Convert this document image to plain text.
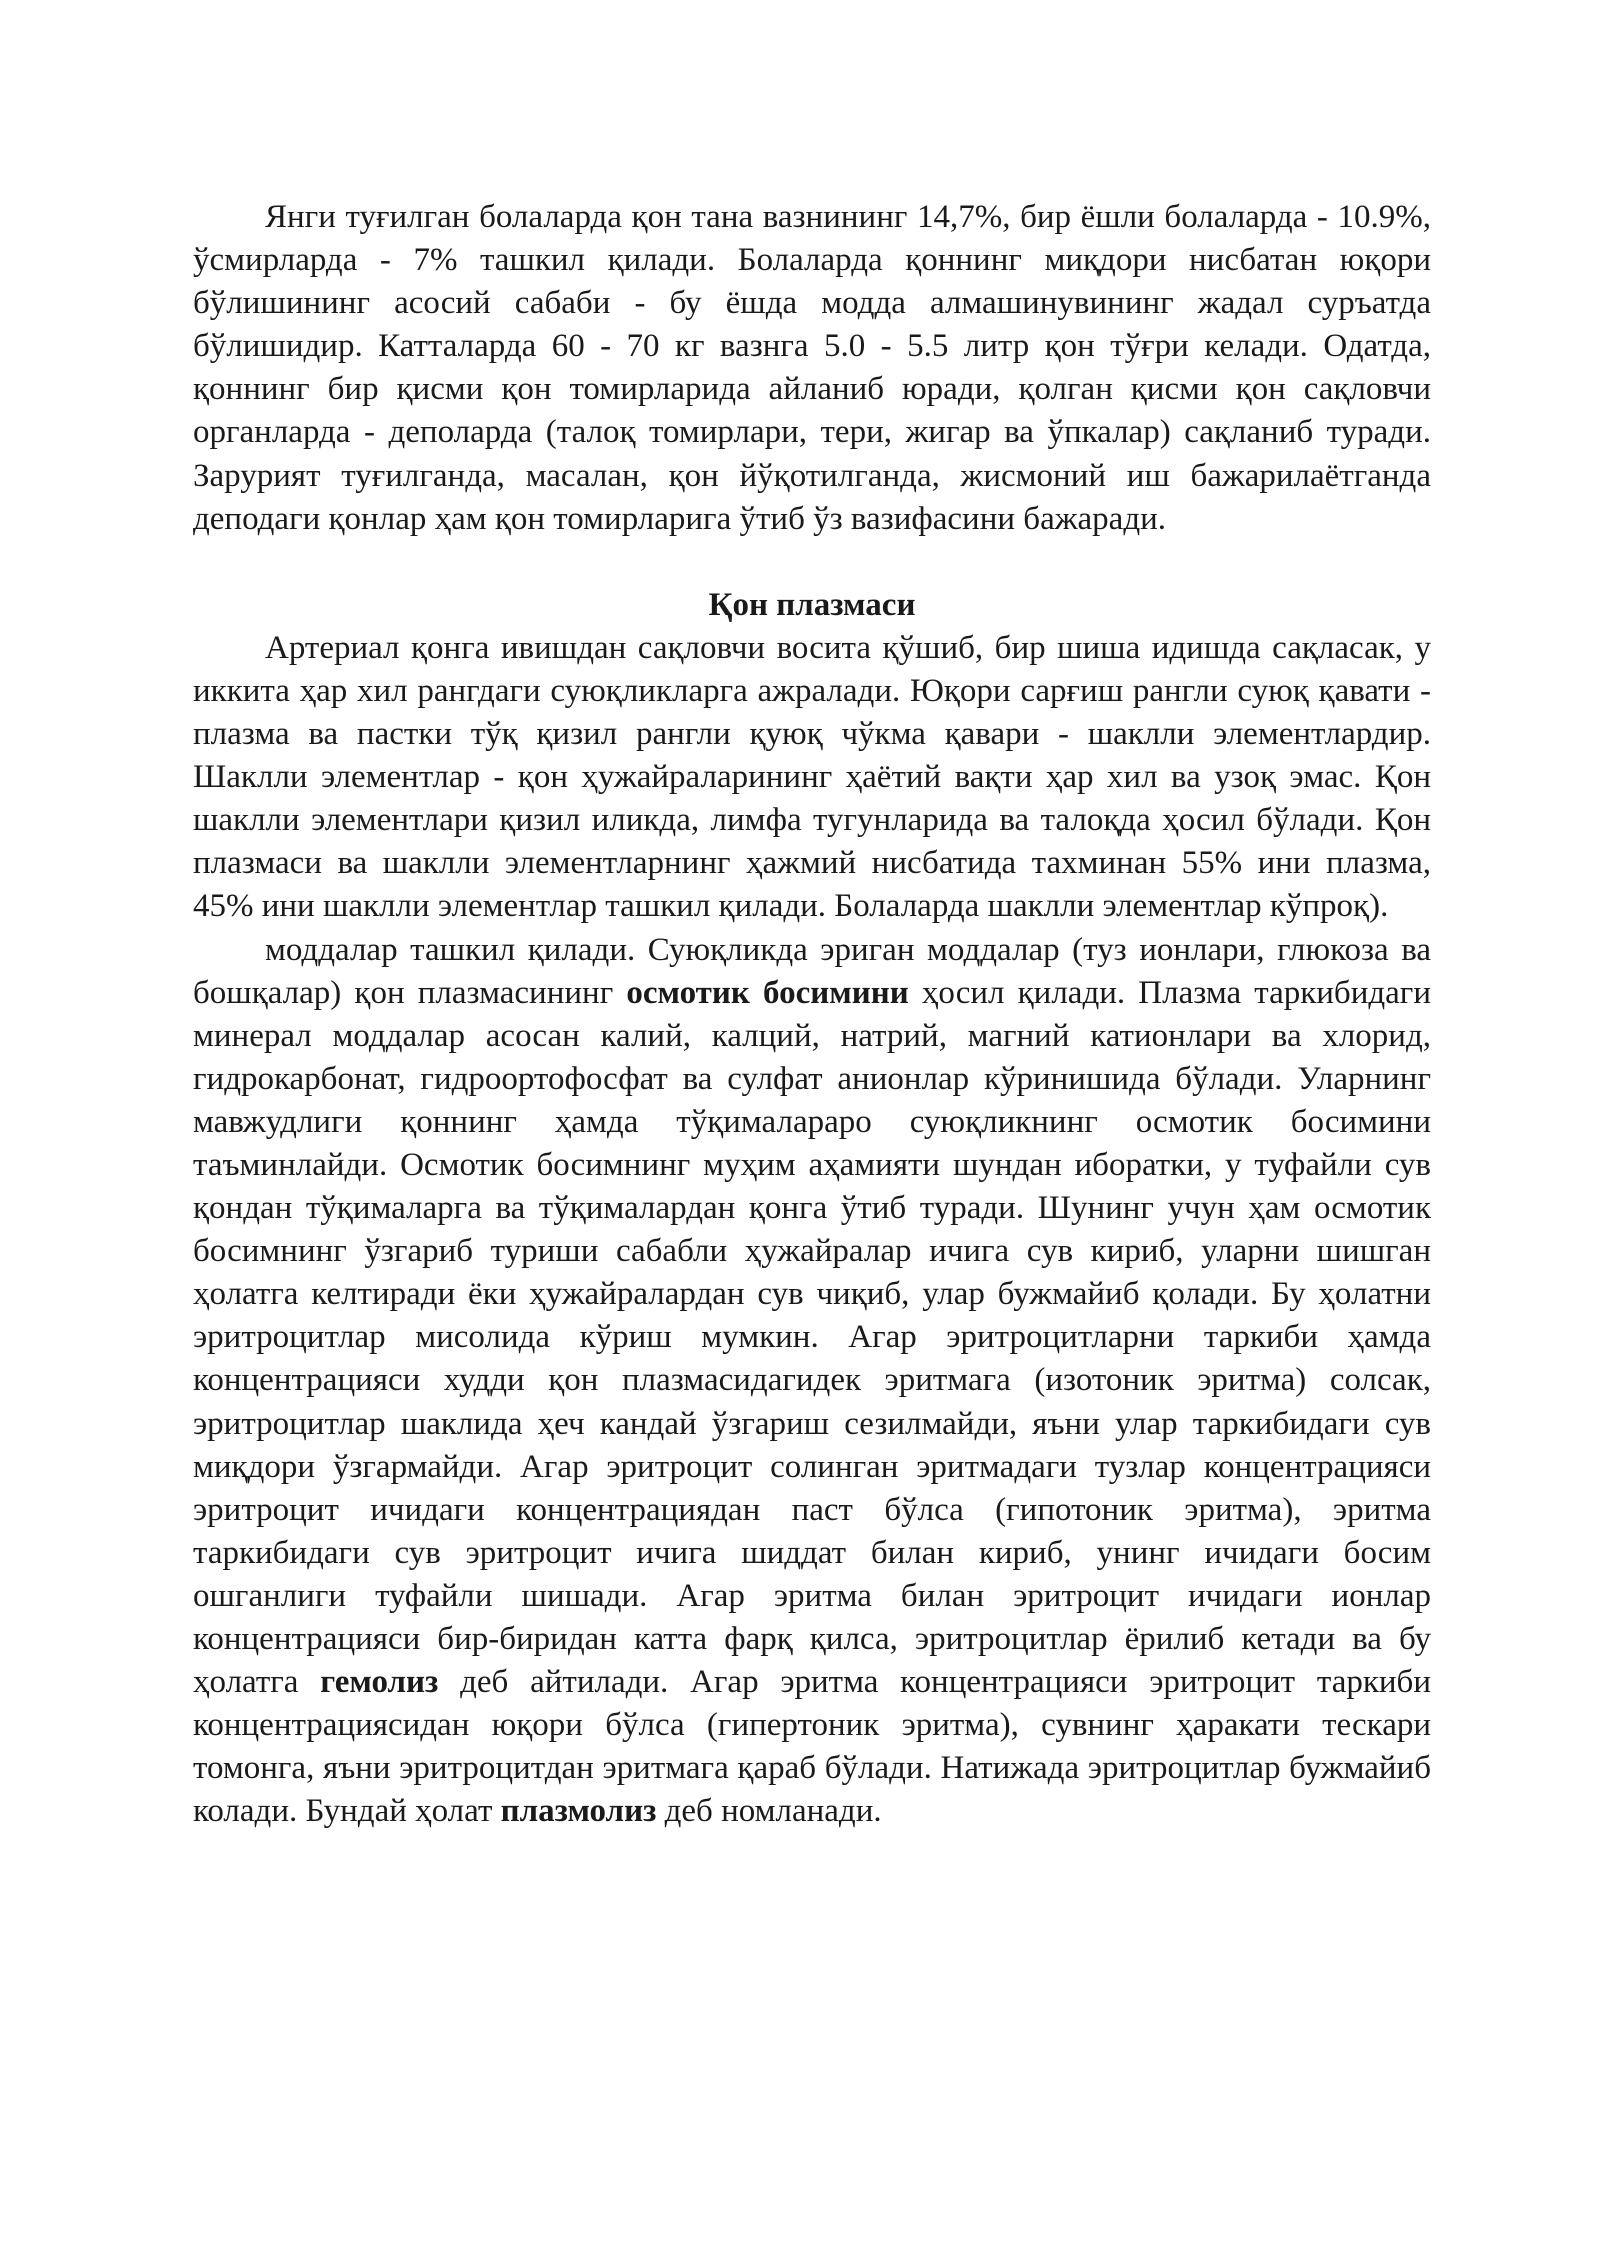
Янги туғилган болаларда қон тана вазнининг 14,7%, бир ёшли болаларда - 10.9%, ўсмирларда - 7% ташкил қилади. Болаларда қоннинг миқдори нисбатан юқори бўлишининг асосий сабаби - бу ёшда модда алмашинувининг жадал суръатда бўлишидир. Катталарда 60 - 70 кг вазнга 5.0 - 5.5 литр қон тўғри келади. Одатда, қоннинг бир қисми қон томирларида айланиб юради, қолган қисми қон сақловчи органларда - деполарда (талоқ томирлари, тери, жигар ва ўпкалар) сақланиб туради. Зарурият туғилганда, масалан, қон йўқотилганда, жисмоний иш бажарилаётганда деподаги қонлар ҳам қон томирларига ўтиб ўз вазифасини бажаради.

Қон плазмаси

Артериал қонга ивишдан сақловчи восита қўшиб, бир шиша идишда сақласак, у иккита ҳар хил рангдаги суюқликларга ажралади. Юқори сарғиш рангли суюқ қавати - плазма ва пастки тўқ қизил рангли қуюқ чўкма қавари - шаклли элементлардир. Шаклли элементлар - қон ҳужайраларининг ҳаётий вақти ҳар хил ва узоқ эмас. Қон шаклли элементлари қизил иликда, лимфа тугунларида ва талоқда ҳосил бўлади. Қон плазмаси ва шаклли элементларнинг ҳажмий нисбатида тахминан 55% ини плазма, 45% ини шаклли элементлар ташкил қилади. Болаларда шаклли элементлар кўпроқ).

моддалар ташкил қилади. Суюқликда эриган моддалар (туз ионлари, глюкоза ва бошқалар) қон плазмасининг осмотик босимини ҳосил қилади. Плазма таркибидаги минерал моддалар асосан калий, калций, натрий, магний катионлари ва хлорид, гидрокарбонат, гидроортофосфат ва сулфат анионлар кўринишида бўлади. Уларнинг мавжудлиги қоннинг ҳамда тўқималараро суюқликнинг осмотик босимини таъминлайди. Осмотик босимнинг муҳим аҳамияти шундан иборатки, у туфайли сув қондан тўқималарга ва тўқималардан қонга ўтиб туради. Шунинг учун ҳам осмотик босимнинг ўзгариб туриши сабабли ҳужайралар ичига сув кириб, уларни шишган ҳолатга келтиради ёки ҳужайралардан сув чиқиб, улар бужмайиб қолади. Бу ҳолатни эритроцитлар мисолида кўриш мумкин. Агар эритроцитларни таркиби ҳамда концентрацияси худди қон плазмасидагидек эритмага (изотоник эритма) солсак, эритроцитлар шаклида ҳеч кандай ўзгариш сезилмайди, яъни улар таркибидаги сув миқдори ўзгармайди. Агар эритроцит солинган эритмадаги тузлар концентрацияси эритроцит ичидаги концентрациядан паст бўлса (гипотоник эритма), эритма таркибидаги сув эритроцит ичига шиддат билан кириб, унинг ичидаги босим ошганлиги туфайли шишади. Агар эритма билан эритроцит ичидаги ионлар концентрацияси бир-биридан катта фарқ қилса, эритроцитлар ёрилиб кетади ва бу ҳолатга гемолиз деб айтилади. Агар эритма концентрацияси эритроцит таркиби концентрациясидан юқори бўлса (гипертоник эритма), сувнинг ҳаракати тескари томонга, яъни эритроцитдан эритмага қараб бўлади. Натижада эритроцитлар бужмайиб колади. Бундай ҳолат плазмолиз деб номланади.
